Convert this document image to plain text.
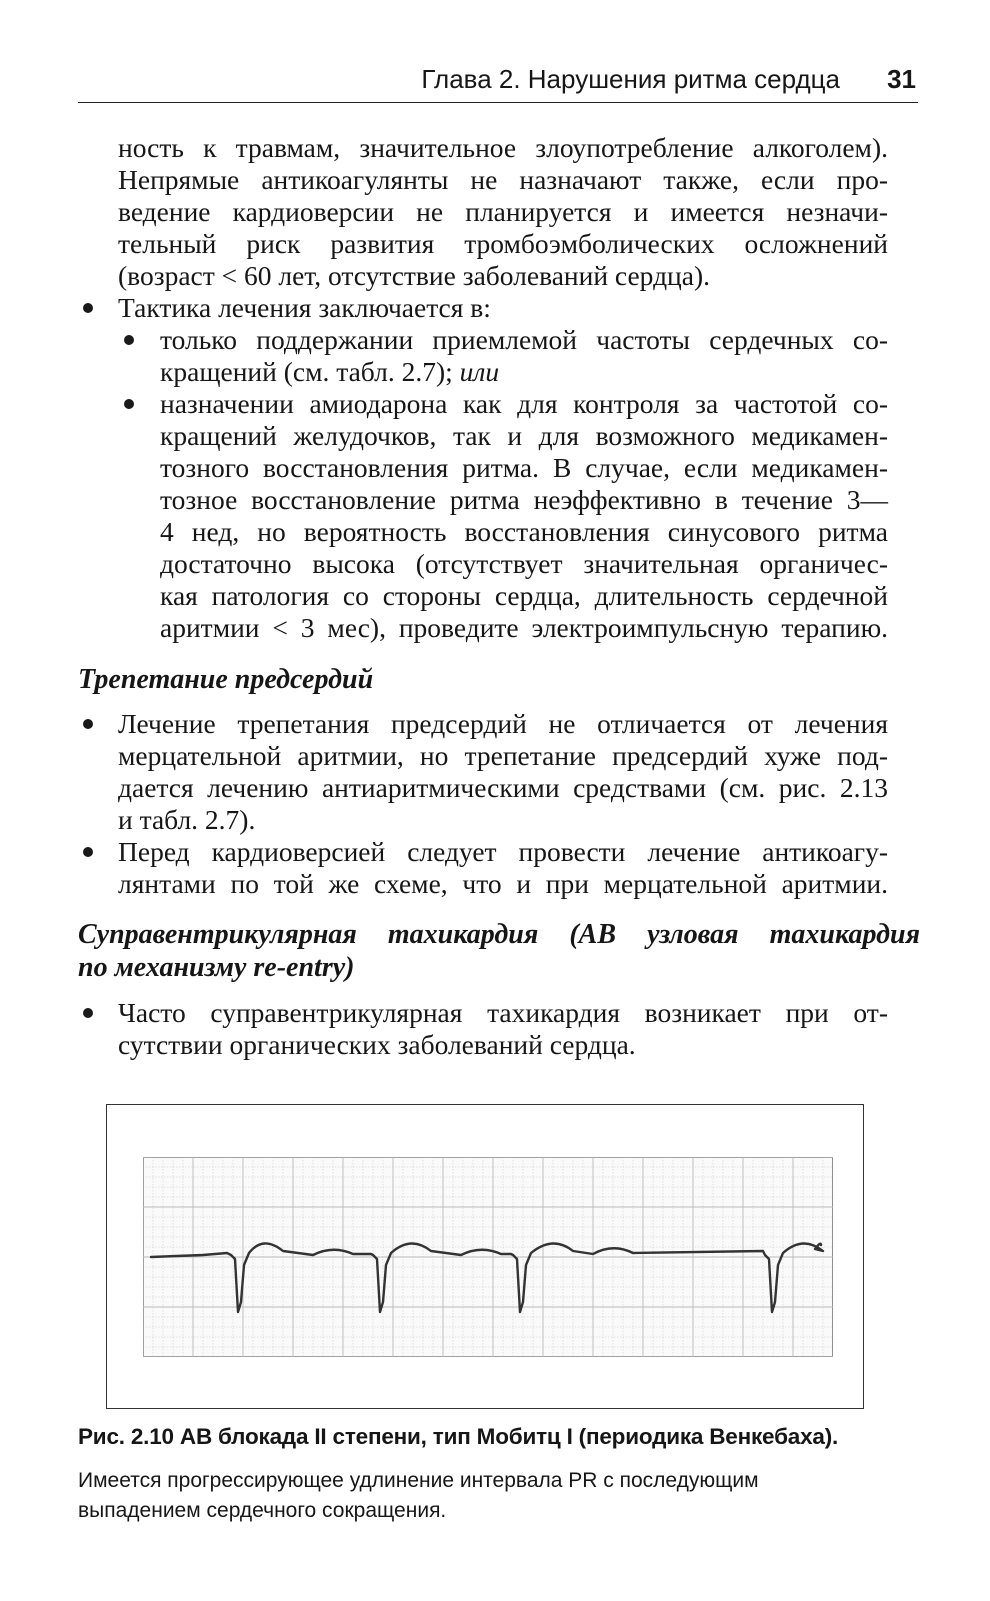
Глава 2. Нарушения ритма сердца 31
ность к травмам, значительное злоупотребление алкоголем).
Непрямые антикоагулянты не назначают также, если про-
ведение кардиоверсии не планируется и имеется незначи-
тельный риск развития тромбоэмболических осложнений
(возраст < 60 лет, отсутствие заболеваний сердца).
Тактика лечения заключается в:
только поддержании приемлемой частоты сердечных со-
кращений (см. табл. 2.7); или
назначении амиодарона как для контроля за частотой со-
кращений желудочков, так и для возможного медикамен-
тозного восстановления ритма. В случае, если медикамен-
тозное восстановление ритма неэффективно в течение 3—
4 нед, но вероятность восстановления синусового ритма
достаточно высока (отсутствует значительная органичес-
кая патология со стороны сердца, длительность сердечной
аритмии < 3 мес), проведите электроимпульсную терапию.
Трепетание предсердий
Лечение трепетания предсердий не отличается от лечения
мерцательной аритмии, но трепетание предсердий хуже под-
дается лечению антиаритмическими средствами (см. рис. 2.13
и табл. 2.7).
Перед кардиоверсией следует провести лечение антикоагу-
лянтами по той же схеме, что и при мерцательной аритмии.
Суправентрикулярная тахикардия (АВ узловая тахикардия
по механизму re-entry)
Часто суправентрикулярная тахикардия возникает при от-
сутствии органических заболеваний сердца.
Рис. 2.10 АВ блокада II степени, тип Мобитц I (периодика Венкебаха).
Имеется прогрессирующее удлинение интервала PR с последующим
выпадением сердечного сокращения.
